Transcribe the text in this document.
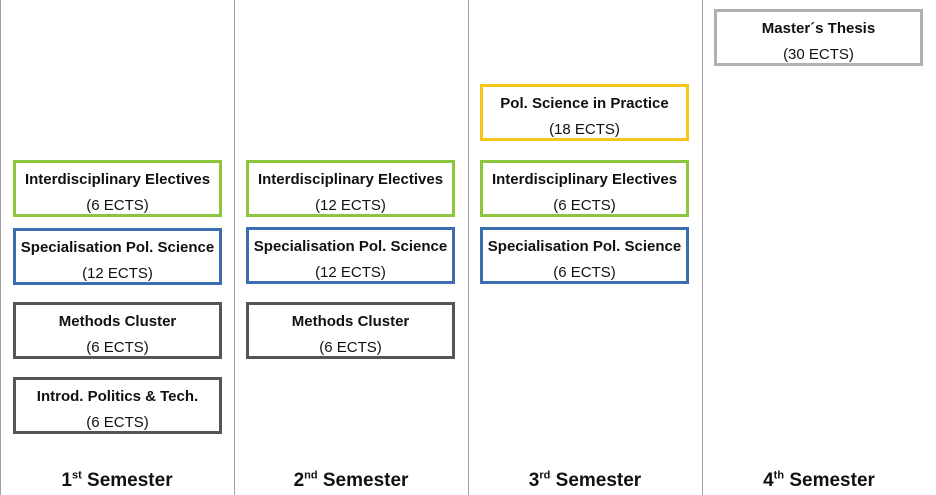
Interdisciplinary Electives
(6 ECTS)
Specialisation Pol. Science
(12 ECTS)
Methods Cluster
(6 ECTS)
Introd. Politics & Tech.
(6 ECTS)
Interdisciplinary Electives
(12 ECTS)
Specialisation Pol. Science
(12 ECTS)
Methods Cluster
(6 ECTS)
Pol. Science in Practice
(18 ECTS)
Interdisciplinary Electives
(6 ECTS)
Specialisation Pol. Science
(6 ECTS)
Master´s Thesis
(30 ECTS)
1st Semester	2nd Semester	3rd Semester	4th Semester
